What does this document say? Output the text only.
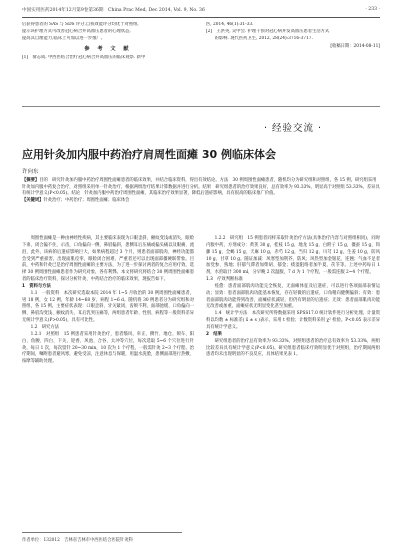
中国实用医药2014年12月第9卷第36期　China Prac Med, Dec 2014, Vol. 9, No. 36	· 233 ·
后获得患者的 SAS 与 SDS 评分,自我效能评分均优于对照组,
提示该护理方式可改善冠心病合并高血压患者的心理状态,
提高其自理能力,临床上可加以进一步推广。
参 考 文 献
[1]　俞志成. 中西医结合治疗冠心病合并高血压的临床观察. 新中
医, 2014, 46(1):31-33.
[2]　王洪英, 吴中会. 护理干预对冠心病并发高血压患者生活方式
　　的影响. 现代医药卫生, 2012, 28(24):3716-3717.
[收稿日期：2014-08-11]
· 经验交流 ·
应用针灸加内服中药治疗肩周性面瘫 30 例临床体会
许向东

【摘要】目的　研究针灸加内服中药治疗周围性面瘫患者的临床效果，并结合临床资料，得出有效结论。方法　30 例周围性面瘫患者，随机均分为研究组和对照组，各 15 例，研究组采用针灸加内服中药复合治疗，对照组采用单一针灸治疗，根据两组治疗结果计算数据并进行分析。结果　研究组患者的治疗效果良好，总有效率为 93.33%，明显高于对照组 53.33%，差异具有统计学意义(P<0.05)。结论　针灸加内服中药治疗周围性面瘫，其临床治疗效果显著，降低后遗症影响，具有很高的临床推广价值。

【关键词】针灸治疗；中药治疗；周围性面瘫；临床体会

周围性面瘫是一种由神经性疾病，其主要临床表现为口眼歪斜，额纹变浅或消失，眼睑下垂，闭合偏不住，示齿，口角偏向一侧，鼻唇偏斜，患侧耳后压痛或偏头痛以及眼痛、流泪，此外，该病的后遗症影响巨大，如果病程超过 3 个月，则患者面部肌肉、神经功能都会受到严重损害，出现面肌痉挛、眼睑闭合困难、严重者还可以出现面部僵硬联带象。目前，中药和针灸已是治疗周围性面瘫的主要方法，为了进一步探讨两者的复合应用疗效，选择 30 例周围性面瘫患者作为研究对象，各有利弊。本文将研究将结合 30 例周围性面瘫患者的临床治疗资料，探讨分析针灸、中药结合治疗的临床效果，现报告如下。

1　资料与方法

1.1　一般资料　本次研究选取本院 2014 年 1~5 月收治的 30 例周围性面瘫患者，男 18 例，女 12 例，年龄 14~68 岁，病程 1~6 d。随机将 30 例患者分为研究组和对照组，各 15 例。主要症状表现：口眼歪斜、牙关紧闭、齿颊不利、面部弛缓、口角偏向一侧、鼻唇沟变浅、额纹消失、耳后乳突压痛等，两组患者年龄、性别、病程等一般资料差异无统计学意义(P>0.05)，具有可比性。

1.2　研究方法

1.2.1　对照组　15 例患者采用针灸治疗，患者翳风、牵正、攒竹、地仓、颊车、阳白、鱼腰、四白、下关、迎香、风池、合谷、太冲等穴位，每次选取 5~6 个穴位进行针灸，每日 1 次，每次留针 20~30 min，10 次为 1 个疗程，一般需针灸 2~3 个疗程。治疗期间，嘱咐患者避风寒，避免受凉，注意休息与保暖，用温水洗脸，患侧面部进行热敷、按摩等辅助处理。

1.2.2　研究组　15 例患者同样采取针灸治疗方法(具体治疗内容与对照组相同)，同时内服中药，方剂成分：黄芪 30 g，桂枝 15 g，地龙 15 g，白附子 15 g，僵蚕 15 g，钩藤 15 g，全蝎 15 g，天麻 10 g，赤芍 12 g，当归 12 g，川芎 12 g，生姜 10 g，防风 10 g，甘草 10 g。随证加减：风寒型加荆芥、防风；风热型加金银花、连翘；气血不足者加党参、熟地；肝郁气滞者加柴胡、郁金；痰湿阻络者加半夏、茯苓等。上述中药每日 1 剂，水煎取汁 300 ml，分早晚 2 次温服，7 d 为 1 个疗程，一般需连服 2~4 个疗程。

1.3　疗效判断标准

痊愈：患者面部肌肉功能完全恢复，无面瘫体征及后遗症，可以进行各项面部表情运动；显效：患者面部肌肉功能基本恢复，存在轻微的后遗症，口角稍向健侧偏斜；有效：患者面部肌肉功能得到改善，面瘫症状减轻，但仍有明显的后遗症；无效：患者面部肌肉功能无改善或加重，面瘫症状无明显变化甚至加重。

1.4　统计学方法　本次研究所得数据采用 SPSS17.0 统计软件进行分析处理。计量资料以均数 ± 标准差( x̄ ± s )表示，采用 t 检验；计数资料采用 χ² 检验。P<0.05 表示差异具有统计学意义。

2　结果

研究组患者的治疗总有效率为 93.33%，对照组患者的治疗总有效率为 53.33%，两组比较差异具有统计学意义(P<0.05)。研究组患者临床疗效明显优于对照组，治疗期间两组患者均未出现明显的不良反应，具体结果见表 1。

作者单位：132012　吉林省吉林市中西医结合医院针灸科
